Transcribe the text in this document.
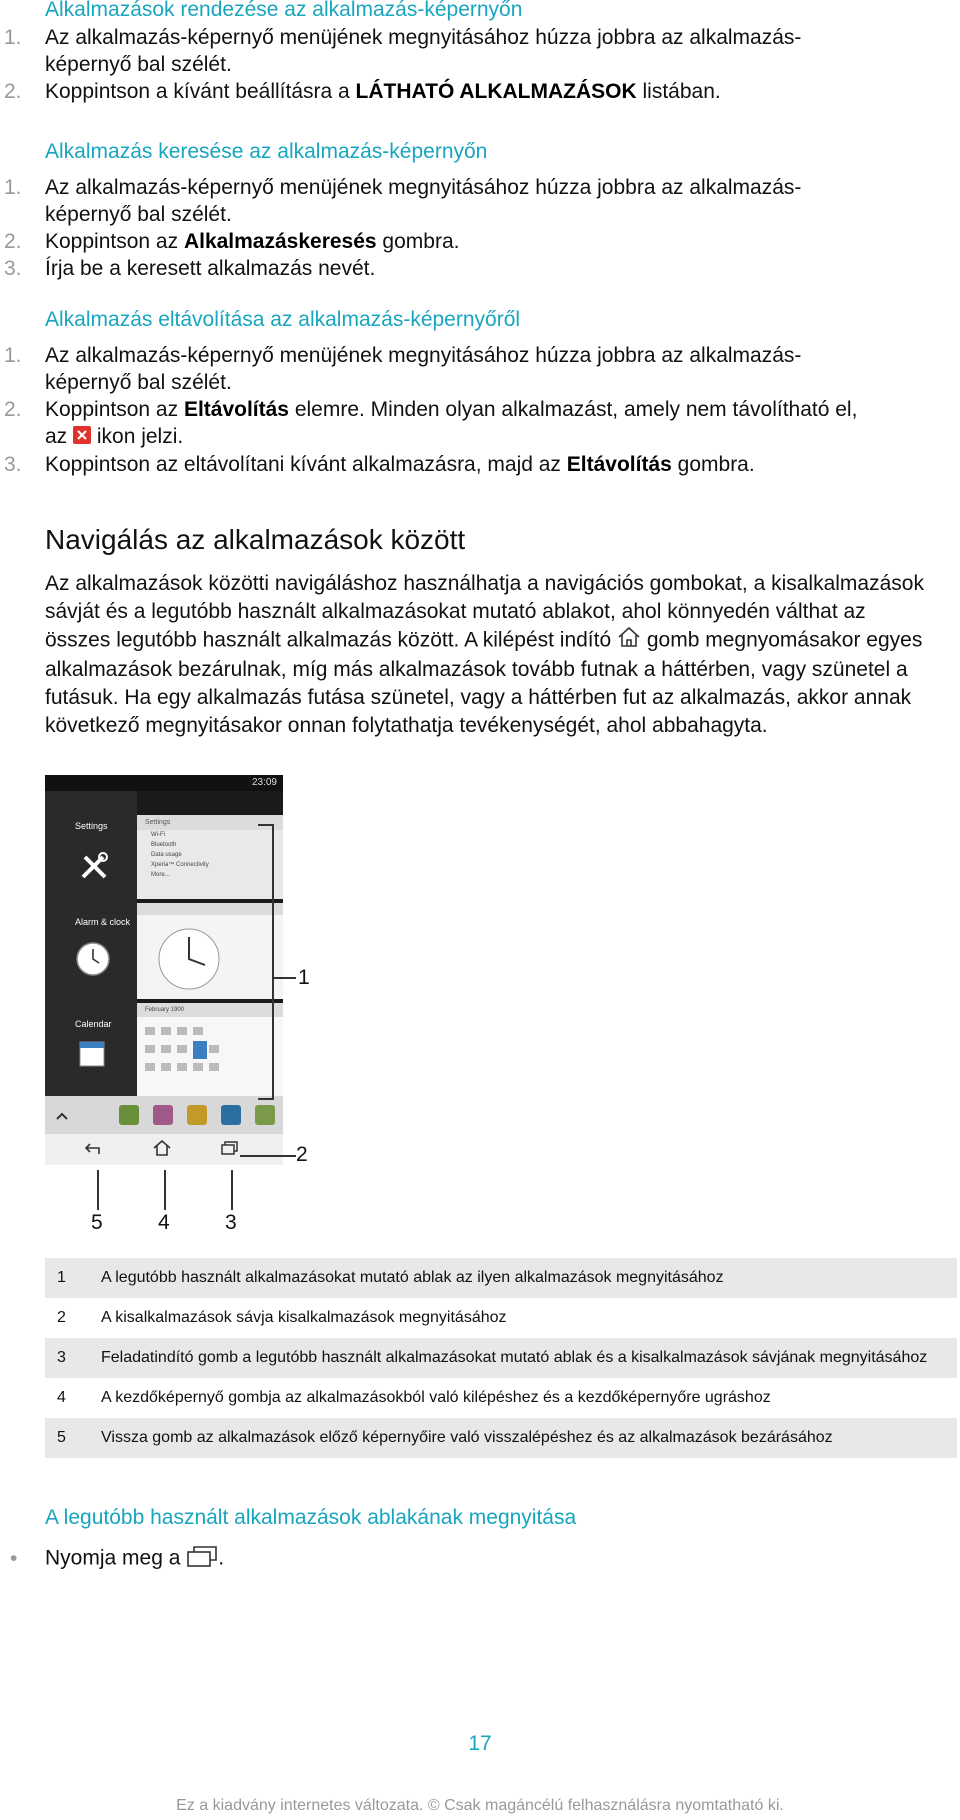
Alkalmazások rendezése az alkalmazás-képernyőn
1. Az alkalmazás-képernyő menüjének megnyitásához húzza jobbra az alkalmazás-képernyő bal szélét.
2. Koppintson a kívánt beállításra a LÁTHATÓ ALKALMAZÁSOK listában.
Alkalmazás keresése az alkalmazás-képernyőn
1. Az alkalmazás-képernyő menüjének megnyitásához húzza jobbra az alkalmazás-képernyő bal szélét.
2. Koppintson az Alkalmazáskeresés gombra.
3. Írja be a keresett alkalmazás nevét.
Alkalmazás eltávolítása az alkalmazás-képernyőről
1. Az alkalmazás-képernyő menüjének megnyitásához húzza jobbra az alkalmazás-képernyő bal szélét.
2. Koppintson az Eltávolítás elemre. Minden olyan alkalmazást, amely nem távolítható el, az  ikon jelzi.
3. Koppintson az eltávolítani kívánt alkalmazásra, majd az Eltávolítás gombra.
Navigálás az alkalmazások között

Az alkalmazások közötti navigáláshoz használhatja a navigációs gombokat, a kisalkalmazások sávját és a legutóbb használt alkalmazásokat mutató ablakot, ahol könnyedén válthat az összes legutóbb használt alkalmazás között. A kilépést indító gomb megnyomásakor egyes alkalmazások bezárulnak, míg más alkalmazások tovább futnak a háttérben, vagy szünetel a futásuk. Ha egy alkalmazás futása szünetel, vagy a háttérben fut az alkalmazás, akkor annak következő megnyitásakor onnan folytathatja tevékenységét, ahol abbahagyta.

23:09
Settings
Alarm & clock
Calendar
Settings
Wi-Fi
Bluetooth
Data usage
Xperia™ Connectivity
More...
February 1900
1
2
5	4	3
1	A legutóbb használt alkalmazásokat mutató ablak az ilyen alkalmazások megnyitásához
2	A kisalkalmazások sávja kisalkalmazások megnyitásához
3	Feladatindító gomb a legutóbb használt alkalmazásokat mutató ablak és a kisalkalmazások sávjának megnyitásához
4	A kezdőképernyő gombja az alkalmazásokból való kilépéshez és a kezdőképernyőre ugráshoz
5	Vissza gomb az alkalmazások előző képernyőire való visszalépéshez és az alkalmazások bezárásához
A legutóbb használt alkalmazások ablakának megnyitása
• Nyomja meg a .
17
Ez a kiadvány internetes változata. © Csak magáncélú felhasználásra nyomtatható ki.
